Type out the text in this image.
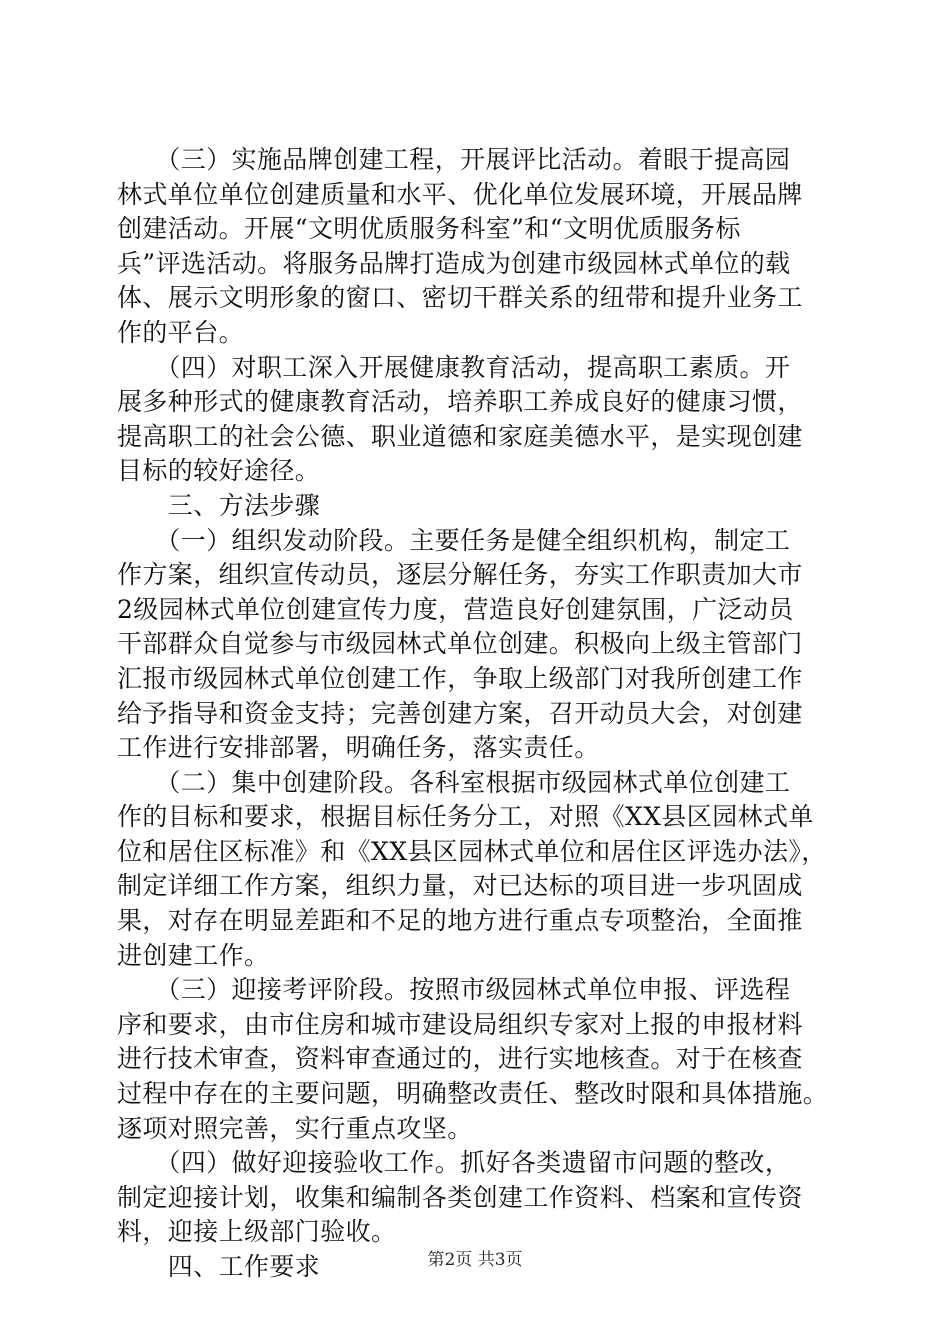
　　（三）实施品牌创建工程，开展评比活动。着眼于提高园
林式单位单位创建质量和水平、优化单位发展环境，开展品牌
创建活动。开展“文明优质服务科室”和“文明优质服务标
兵”评选活动。将服务品牌打造成为创建市级园林式单位的载
体、展示文明形象的窗口、密切干群关系的纽带和提升业务工
作的平台。
　　（四）对职工深入开展健康教育活动，提高职工素质。开
展多种形式的健康教育活动，培养职工养成良好的健康习惯，
提高职工的社会公德、职业道德和家庭美德水平，是实现创建
目标的较好途径。
　　三、方法步骤
　　（一）组织发动阶段。主要任务是健全组织机构，制定工
作方案，组织宣传动员，逐层分解任务，夯实工作职责加大市
2级园林式单位创建宣传力度，营造良好创建氛围，广泛动员
干部群众自觉参与市级园林式单位创建。积极向上级主管部门
汇报市级园林式单位创建工作，争取上级部门对我所创建工作
给予指导和资金支持；完善创建方案，召开动员大会，对创建
工作进行安排部署，明确任务，落实责任。
　　（二）集中创建阶段。各科室根据市级园林式单位创建工
作的目标和要求，根据目标任务分工，对照《XX县区园林式单
位和居住区标准》和《XX县区园林式单位和居住区评选办法》，
制定详细工作方案，组织力量，对已达标的项目进一步巩固成
果，对存在明显差距和不足的地方进行重点专项整治，全面推
进创建工作。
　　（三）迎接考评阶段。按照市级园林式单位申报、评选程
序和要求，由市住房和城市建设局组织专家对上报的申报材料
进行技术审查，资料审查通过的，进行实地核查。对于在核查
过程中存在的主要问题，明确整改责任、整改时限和具体措施。
逐项对照完善，实行重点攻坚。
　　（四）做好迎接验收工作。抓好各类遗留市问题的整改，
制定迎接计划，收集和编制各类创建工作资料、档案和宣传资
料，迎接上级部门验收。
　　四、工作要求	第2页 共3页
